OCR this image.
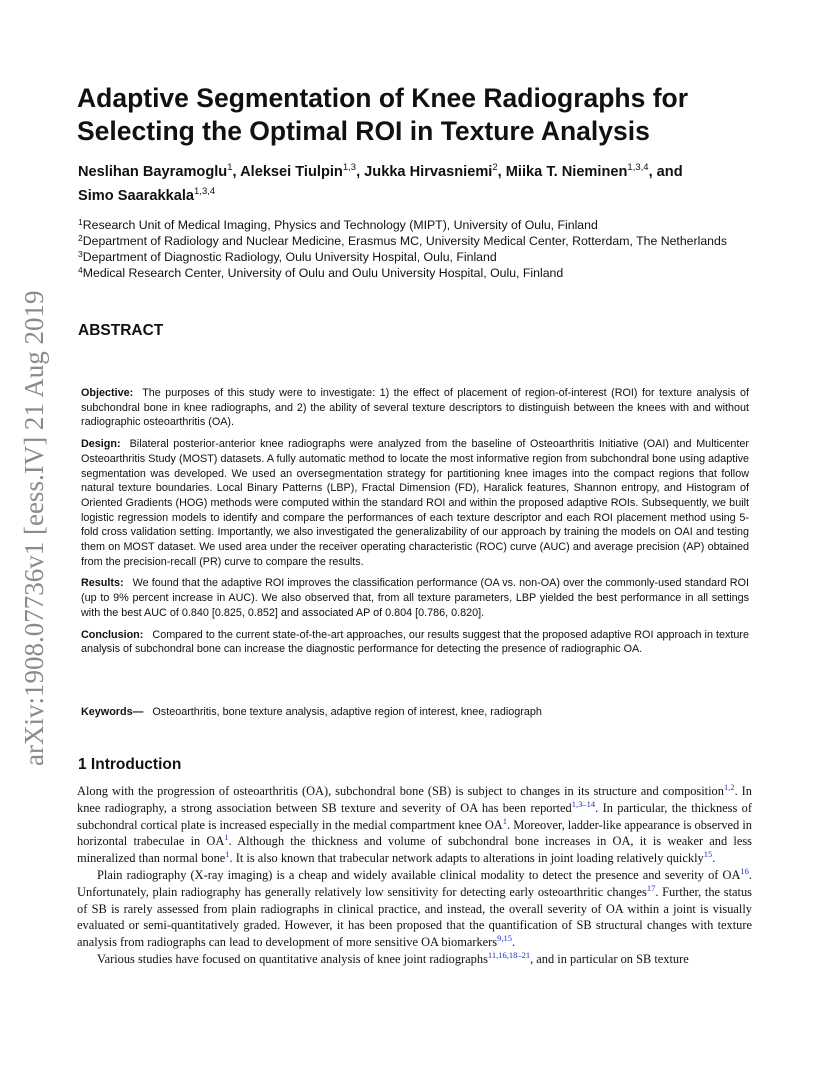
arXiv:1908.07736v1 [eess.IV] 21 Aug 2019
Adaptive Segmentation of Knee Radiographs for
Selecting the Optimal ROI in Texture Analysis
Neslihan Bayramoglu$^1$, Aleksei Tiulpin$^{1,3}$, Jukka Hirvasniemi$^2$, Miika T. Nieminen$^{1,3,4}$, and
Simo Saarakkala$^{1,3,4}$

$^1$Research Unit of Medical Imaging, Physics and Technology (MIPT), University of Oulu, Finland

$^2$Department of Radiology and Nuclear Medicine, Erasmus MC, University Medical Center, Rotterdam, The Netherlands

$^3$Department of Diagnostic Radiology, Oulu University Hospital, Oulu, Finland

$^4$Medical Research Center, University of Oulu and Oulu University Hospital, Oulu, Finland

ABSTRACT

Objective: The purposes of this study were to investigate: 1) the effect of placement of region-of-interest (ROI) for texture analysis of subchondral bone in knee radiographs, and 2) the ability of several texture descriptors to distinguish between the knees with and without radiographic osteoarthritis (OA).

Design: Bilateral posterior-anterior knee radiographs were analyzed from the baseline of Osteoarthritis Initiative (OAI) and Multicenter Osteoarthritis Study (MOST) datasets. A fully automatic method to locate the most informative region from subchondral bone using adaptive segmentation was developed. We used an oversegmentation strategy for partitioning knee images into the compact regions that follow natural texture boundaries. Local Binary Patterns (LBP), Fractal Dimension (FD), Haralick features, Shannon entropy, and Histogram of Oriented Gradients (HOG) methods were computed within the standard ROI and within the proposed adaptive ROIs. Subsequently, we built logistic regression models to identify and compare the performances of each texture descriptor and each ROI placement method using 5-fold cross validation setting. Importantly, we also investigated the generalizability of our approach by training the models on OAI and testing them on MOST dataset. We used area under the receiver operating characteristic (ROC) curve (AUC) and average precision (AP) obtained from the precision-recall (PR) curve to compare the results.

Results: We found that the adaptive ROI improves the classification performance (OA vs. non-OA) over the commonly-used standard ROI (up to 9% percent increase in AUC). We also observed that, from all texture parameters, LBP yielded the best performance in all settings with the best AUC of 0.840 [0.825, 0.852] and associated AP of 0.804 [0.786, 0.820].

Conclusion: Compared to the current state-of-the-art approaches, our results suggest that the proposed adaptive ROI approach in texture analysis of subchondral bone can increase the diagnostic performance for detecting the presence of radiographic OA.

Keywords— Osteoarthritis, bone texture analysis, adaptive region of interest, knee, radiograph
1 Introduction

Along with the progression of osteoarthritis (OA), subchondral bone (SB) is subject to changes in its structure and composition$^{1,2}$. In knee radiography, a strong association between SB texture and severity of OA has been reported$^{1,3-14}$. In particular, the thickness of subchondral cortical plate is increased especially in the medial compartment knee $OA^1$. Moreover, ladder-like appearance is observed in horizontal trabeculae in $OA^1$. Although the thickness and volume of subchondral bone increases in OA, it is weaker and less mineralized than normal bone$^1$. It is also known that trabecular network adapts to alterations in joint loading relatively quickly$^{15}$.

Plain radiography (X-ray imaging) is a cheap and widely available clinical modality to detect the presence and severity of OA$^{16}$. Unfortunately, plain radiography has generally relatively low sensitivity for detecting early osteoarthritic changes$^{17}$. Further, the status of SB is rarely assessed from plain radiographs in clinical practice, and instead, the overall severity of OA within a joint is visually evaluated or semi-quantitatively graded. However, it has been proposed that the quantification of SB structural changes with texture analysis from radiographs can lead to development of more sensitive OA biomarkers$^{9,15}$.

Various studies have focused on quantitative analysis of knee joint radiographs$^{11,16,18-21}$, and in particular on SB texture
